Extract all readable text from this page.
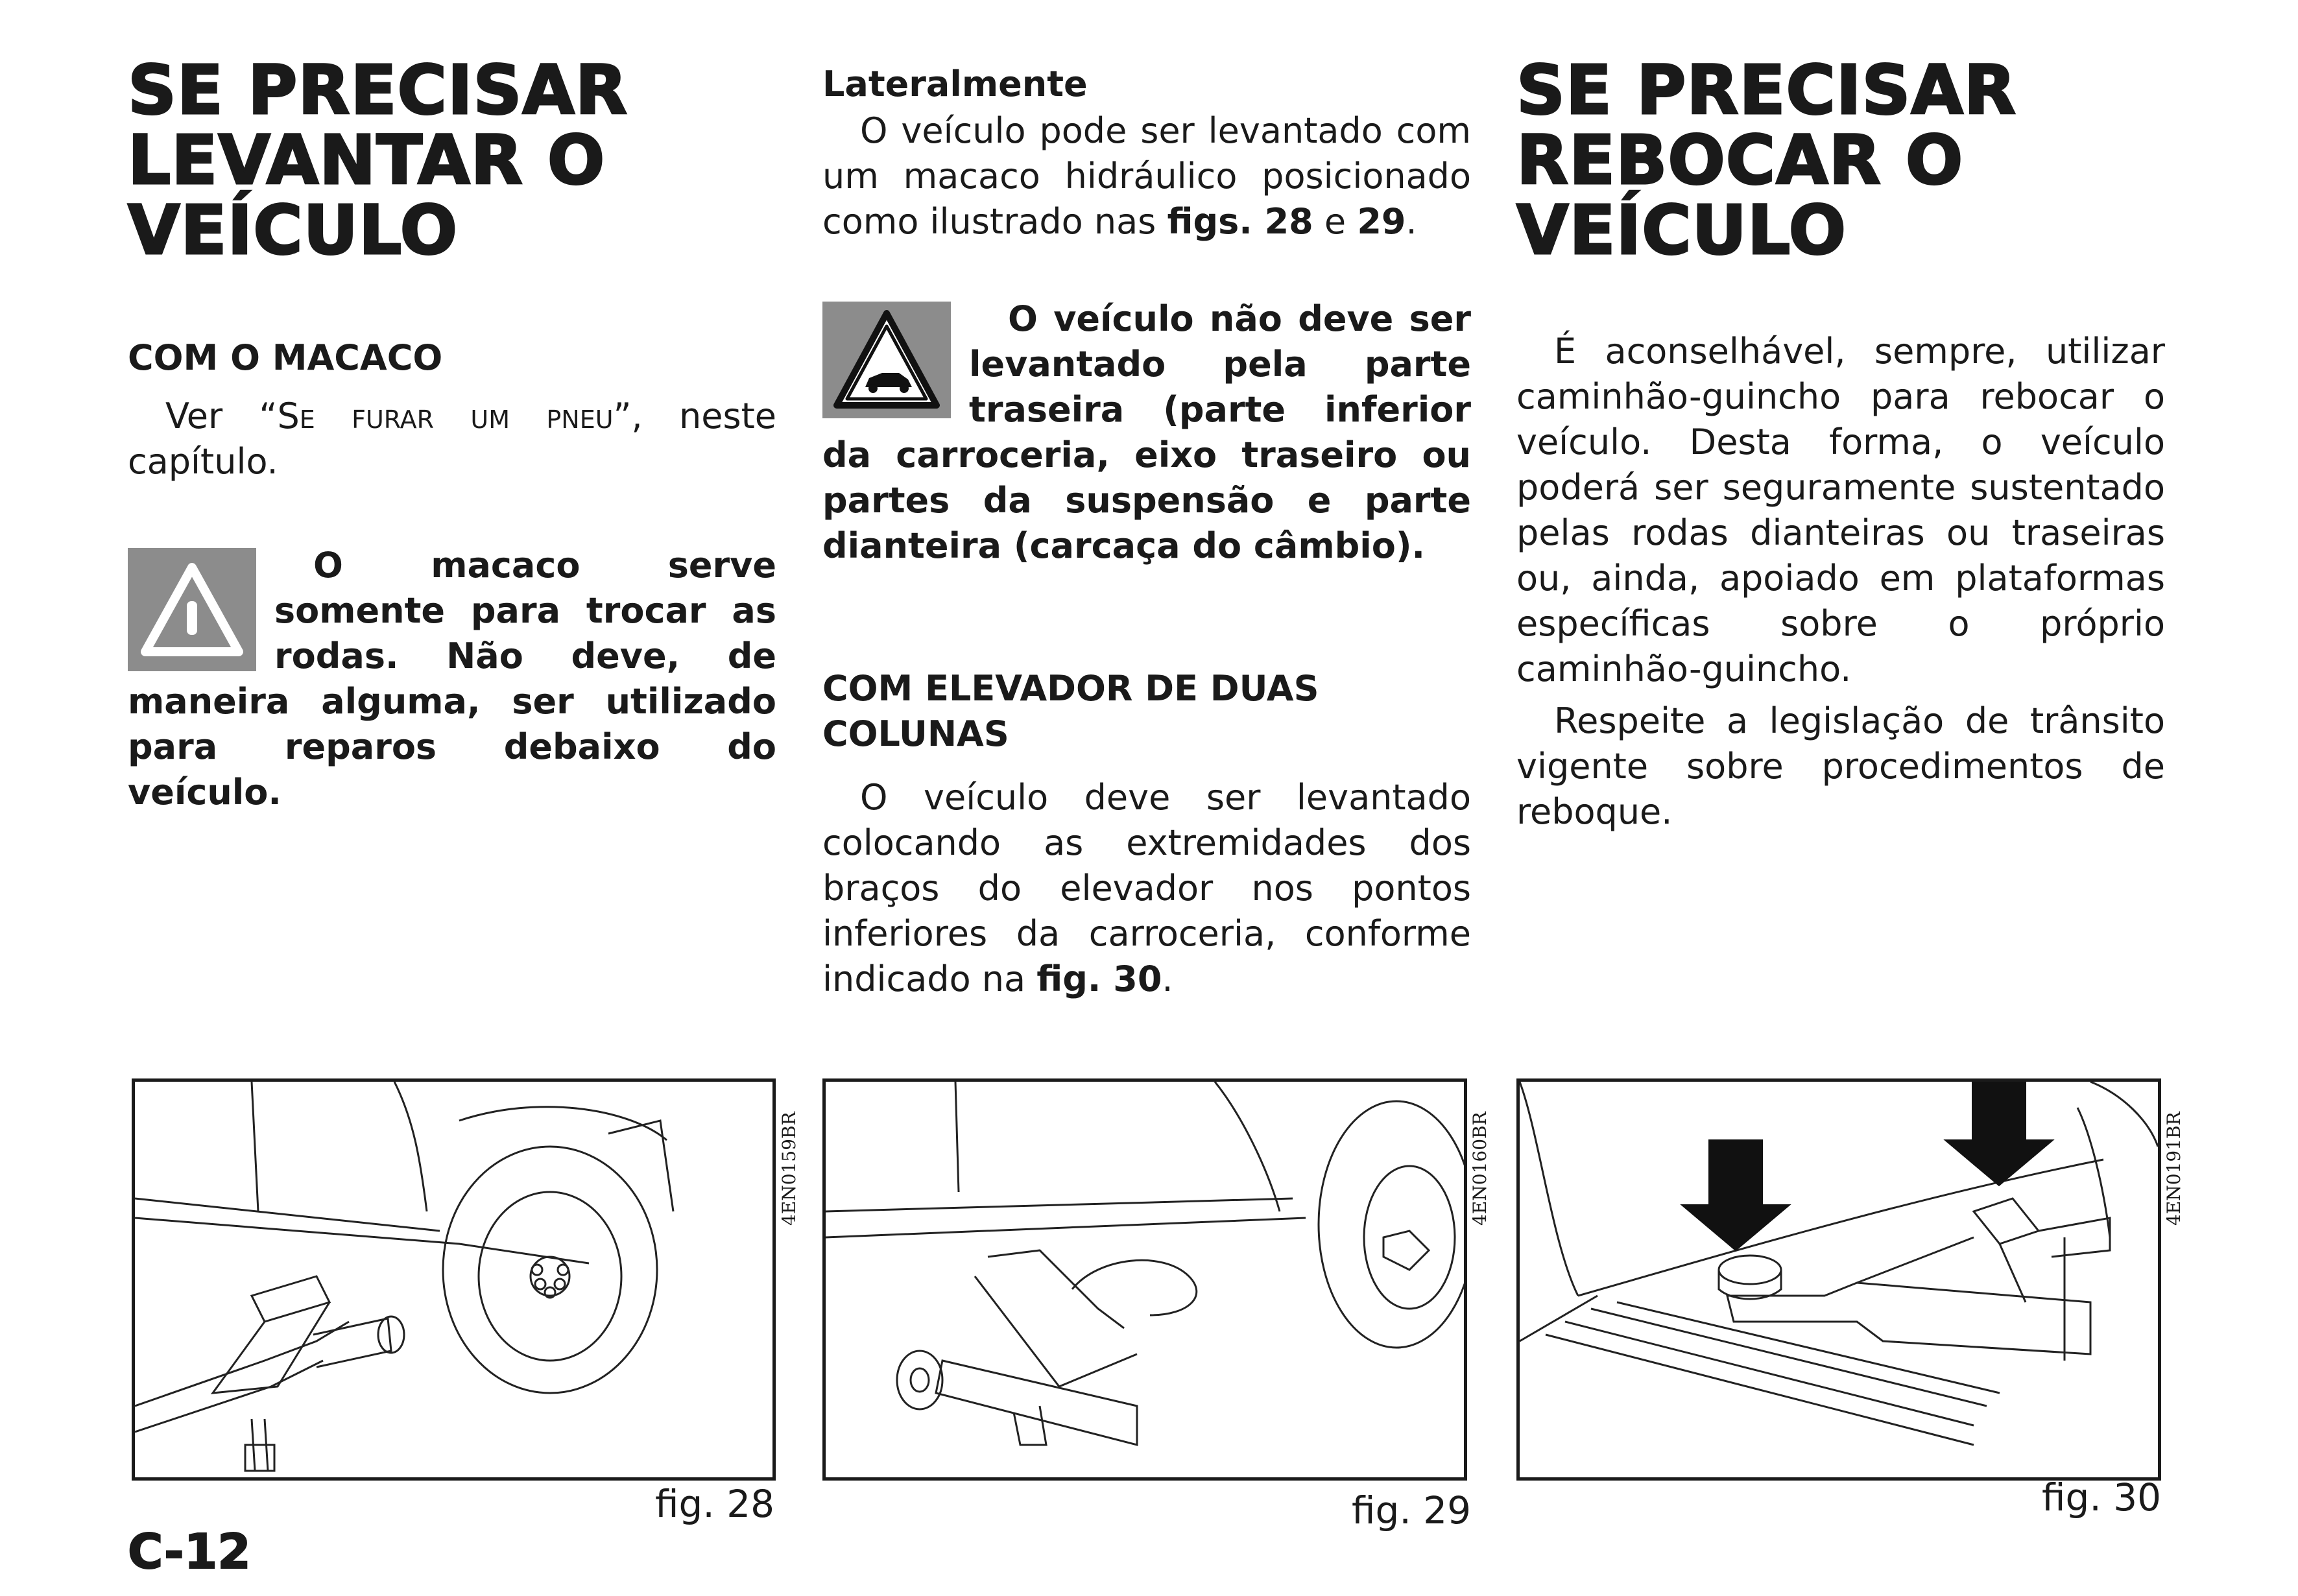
SE PRECISAR
LEVANTAR O
VEÍCULO
COM O MACACO

Ver “Se furar um pneu”, neste capítulo.

O macaco serve somente para trocar as rodas. Não deve, de maneira alguma, ser utilizado para reparos debaixo do veículo.

Lateralmente

O veículo pode ser levantado com um macaco hidráulico posicionado como ilustrado nas figs. 28 e 29.

O veículo não deve ser levantado pela parte traseira (parte inferior da carroceria, eixo traseiro ou partes da suspensão e parte dianteira (carcaça do câmbio).

COM ELEVADOR DE DUAS COLUNAS

O veículo deve ser levantado colocando as extremidades dos braços do elevador nos pontos inferiores da carroceria, conforme indicado na fig. 30.

SE PRECISAR
REBOCAR O
VEÍCULO

É aconselhável, sempre, utilizar caminhão-guincho para rebocar o veículo. Desta forma, o veículo poderá ser seguramente sustentado pelas rodas dianteiras ou traseiras ou, ainda, apoiado em plataformas específicas sobre o próprio caminhão-guincho.

Respeite a legislação de trânsito vigente sobre procedimentos de reboque.

4EN0159BR
fig. 28
4EN0160BR
fig. 29
4EN0191BR
fig. 30
C-12
